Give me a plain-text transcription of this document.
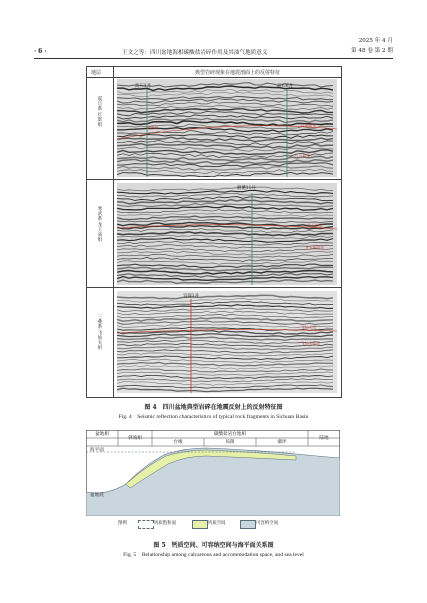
· 6 ·	王文之等：四川盆地海相碳酸盐岩碎作用及其油气地质意义
2025 年 4 月
第 48 卷 第 2 期
地层	典型岩碎现象在地震剖面上的反射特征
震旦系 灯影组
寒武系 龙王庙组
三叠系 飞仙关组
高石1井	高石6井
北西向	灯影组顶
灯三段顶
磨溪11井
龙王庙组
龙王庙组顶
宜探1井
飞仙关组
飞仙关组顶
图 4　四川盆地典型岩碎在地震反射上的反射特征图
Fig. 4　Seismic reflection characteristics of typical rock fragments in Sichuan Basin
盆地相
斜坡相
碳酸盐岩台地相
台缘	局限	潮坪
陆地
海平面
盆地底
图例	钙质饱和面	钙质空间	可容纳空间
图 5　钙质空间、可容纳空间与海平面关系图
Fig. 5　Relationship among calcareous and accommodation space, and sea level
